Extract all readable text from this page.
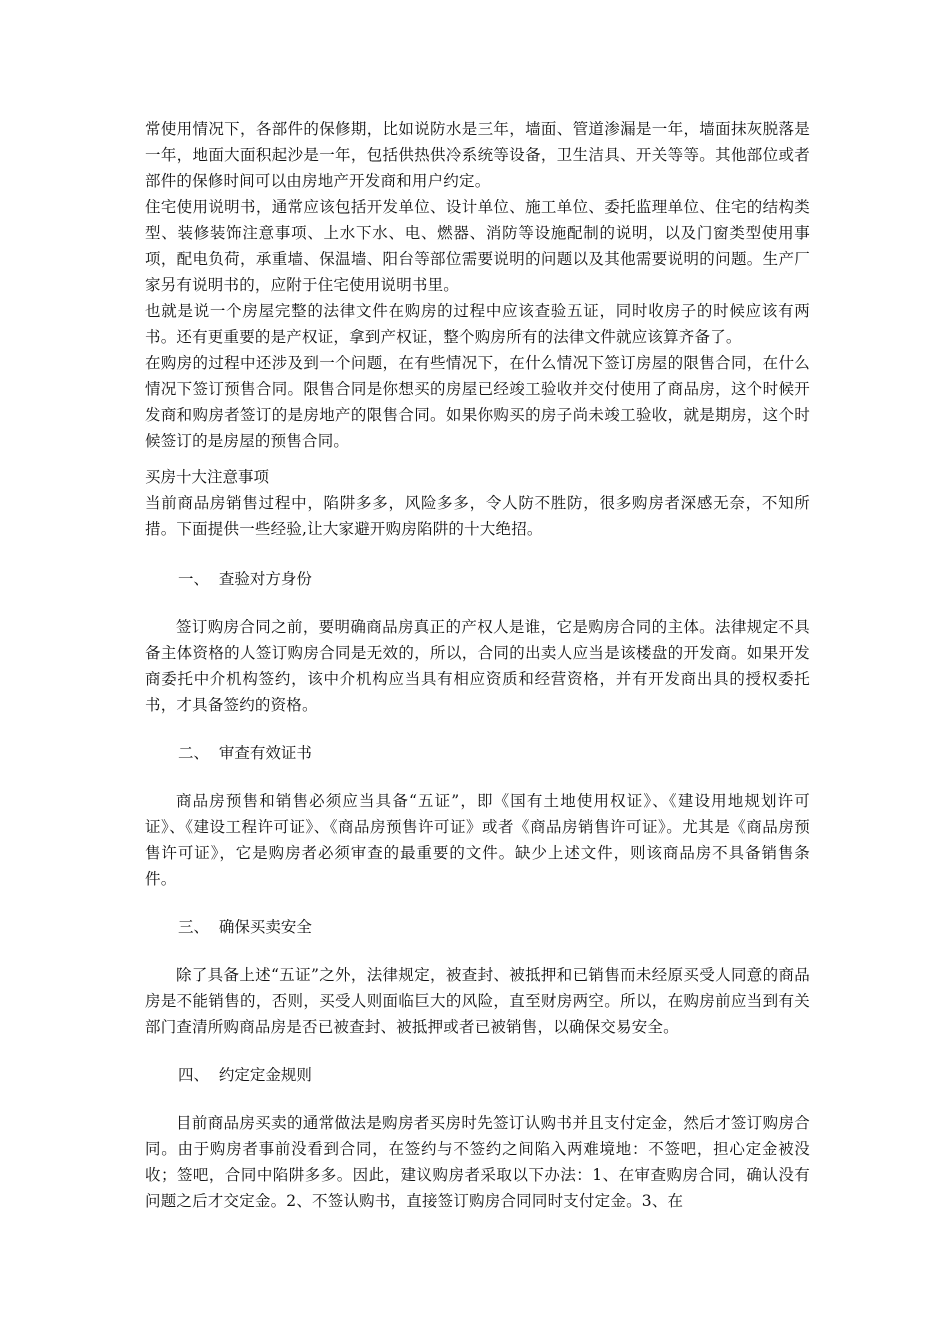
常使用情况下，各部件的保修期，比如说防水是三年，墙面、管道渗漏是一年，墙面抹灰脱落是一年，地面大面积起沙是一年，包括供热供冷系统等设备，卫生洁具、开关等等。其他部位或者部件的保修时间可以由房地产开发商和用户约定。
住宅使用说明书，通常应该包括开发单位、设计单位、施工单位、委托监理单位、住宅的结构类型、装修装饰注意事项、上水下水、电、燃器、消防等设施配制的说明，以及门窗类型使用事项，配电负荷，承重墙、保温墙、阳台等部位需要说明的问题以及其他需要说明的问题。生产厂家另有说明书的，应附于住宅使用说明书里。
也就是说一个房屋完整的法律文件在购房的过程中应该查验五证，同时收房子的时候应该有两书。还有更重要的是产权证，拿到产权证，整个购房所有的法律文件就应该算齐备了。
在购房的过程中还涉及到一个问题，在有些情况下，在什么情况下签订房屋的限售合同，在什么情况下签订预售合同。限售合同是你想买的房屋已经竣工验收并交付使用了商品房，这个时候开发商和购房者签订的是房地产的限售合同。如果你购买的房子尚未竣工验收，就是期房，这个时候签订的是房屋的预售合同。
买房十大注意事项
当前商品房销售过程中，陷阱多多，风险多多，令人防不胜防，很多购房者深感无奈，不知所措。下面提供一些经验,让大家避开购房陷阱的十大绝招。
一、  查验对方身份
签订购房合同之前，要明确商品房真正的产权人是谁，它是购房合同的主体。法律规定不具备主体资格的人签订购房合同是无效的，所以，合同的出卖人应当是该楼盘的开发商。如果开发商委托中介机构签约，该中介机构应当具有相应资质和经营资格，并有开发商出具的授权委托书，才具备签约的资格。
二、  审查有效证书
商品房预售和销售必须应当具备“五证”，即《国有土地使用权证》、《建设用地规划许可证》、《建设工程许可证》、《商品房预售许可证》或者《商品房销售许可证》。尤其是《商品房预售许可证》，它是购房者必须审查的最重要的文件。缺少上述文件，则该商品房不具备销售条件。
三、  确保买卖安全
除了具备上述“五证”之外，法律规定，被查封、被抵押和已销售而未经原买受人同意的商品房是不能销售的，否则，买受人则面临巨大的风险，直至财房两空。所以，在购房前应当到有关部门查清所购商品房是否已被查封、被抵押或者已被销售，以确保交易安全。
四、  约定定金规则
目前商品房买卖的通常做法是购房者买房时先签订认购书并且支付定金，然后才签订购房合同。由于购房者事前没看到合同，在签约与不签约之间陷入两难境地：不签吧，担心定金被没收；签吧，合同中陷阱多多。因此，建议购房者采取以下办法：1、在审查购房合同，确认没有问题之后才交定金。2、不签认购书，直接签订购房合同同时支付定金。3、在
